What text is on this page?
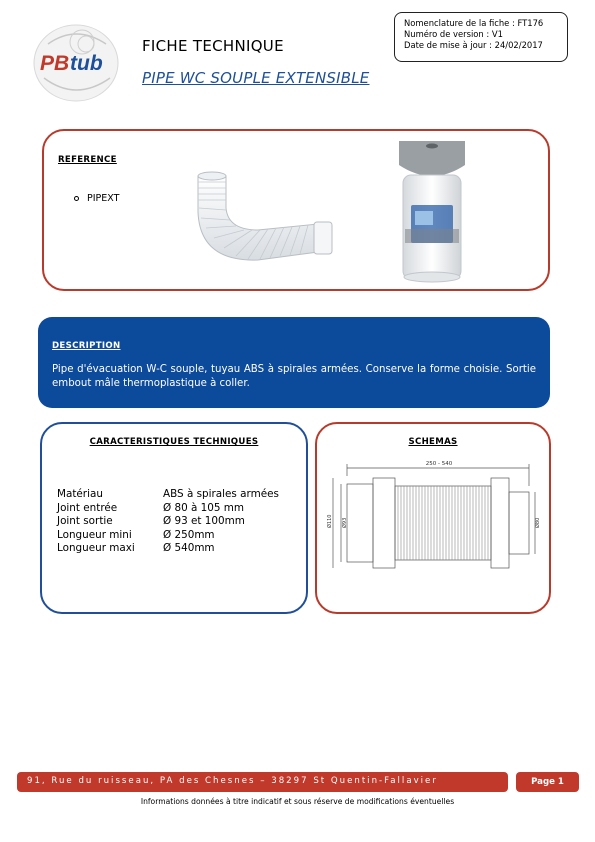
PB tub
FICHE TECHNIQUE
PIPE WC SOUPLE EXTENSIBLE
Nomenclature de la fiche : FT176
Numéro de version : V1
Date de mise à jour : 24/02/2017
REFERENCE
PIPEXT
DESCRIPTION
Pipe d'évacuation W-C souple, tuyau ABS à spirales armées. Conserve la forme choisie. Sortie embout mâle thermoplastique à coller.
CARACTERISTIQUES TECHNIQUES
Matériau	ABS à spirales armées
Joint entrée	Ø 80 à 105 mm
Joint sortie	Ø 93 et 100mm
Longueur mini	Ø 250mm
Longueur maxi	Ø 540mm
SCHEMAS
250 - 540
Ø110 Ø93	Ø80
91, Rue du ruisseau, PA des Chesnes – 38297 St Quentin-Fallavier	Page 1
Informations données à titre indicatif et sous réserve de modifications éventuelles
